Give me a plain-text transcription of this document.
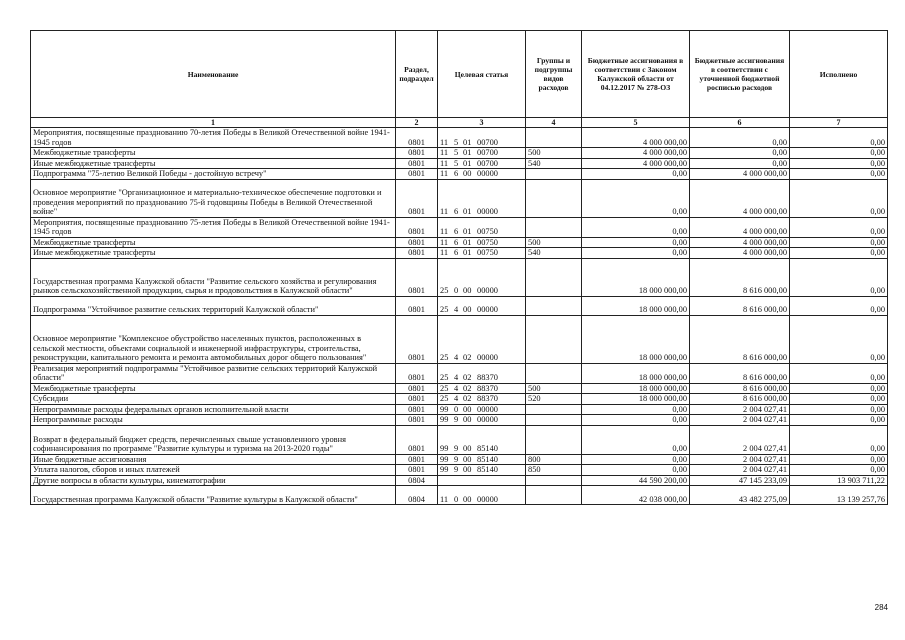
Наименование	Раздел, подраздел	Целевая статья	Группы и подгруппы видов расходов	Бюджетные ассигнования в соответствии с Законом Калужской области от 04.12.2017 № 278-ОЗ	Бюджетные ассигнования в соответствии с уточненной бюджетной росписью расходов	Исполнено
1	2	3	4	5	6	7
Мероприятия, посвященные празднованию 70-летия Победы в Великой Отечественной войне 1941-1945 годов	0801	11 5 01 00700		4 000 000,00	0,00	0,00
Межбюджетные трансферты	0801	11 5 01 00700	500	4 000 000,00	0,00	0,00
Иные межбюджетные трансферты	0801	11 5 01 00700	540	4 000 000,00	0,00	0,00
Подпрограмма "75-летию Великой Победы - достойную встречу"	0801	11 6 00 00000		0,00	4 000 000,00	0,00
Основное мероприятие "Организационное и материально-техническое обеспечение подготовки и проведения мероприятий по празднованию 75-й годовщины Победы в Великой Отечественной войне"	0801	11 6 01 00000		0,00	4 000 000,00	0,00
Мероприятия, посвященные празднованию 75-летия Победы в Великой Отечественной войне 1941-1945 годов	0801	11 6 01 00750		0,00	4 000 000,00	0,00
Межбюджетные трансферты	0801	11 6 01 00750	500	0,00	4 000 000,00	0,00
Иные межбюджетные трансферты	0801	11 6 01 00750	540	0,00	4 000 000,00	0,00
Государственная программа Калужской области "Развитие сельского хозяйства и регулирования рынков сельскохозяйственной продукции, сырья и продовольствия в Калужской области"	0801	25 0 00 00000		18 000 000,00	8 616 000,00	0,00
Подпрограмма "Устойчивое развитие сельских территорий Калужской области"	0801	25 4 00 00000		18 000 000,00	8 616 000,00	0,00
Основное мероприятие "Комплексное обустройство населенных пунктов, расположенных в сельской местности, объектами социальной и инженерной инфраструктуры, строительства, реконструкции, капитального ремонта и ремонта автомобильных дорог общего пользования"	0801	25 4 02 00000		18 000 000,00	8 616 000,00	0,00
Реализация мероприятий подпрограммы "Устойчивое развитие сельских территорий Калужской области"	0801	25 4 02 88370		18 000 000,00	8 616 000,00	0,00
Межбюджетные трансферты	0801	25 4 02 88370	500	18 000 000,00	8 616 000,00	0,00
Субсидии	0801	25 4 02 88370	520	18 000 000,00	8 616 000,00	0,00
Непрограммные расходы федеральных органов исполнительной власти	0801	99 0 00 00000		0,00	2 004 027,41	0,00
Непрограммные расходы	0801	99 9 00 00000		0,00	2 004 027,41	0,00
Возврат в федеральный бюджет средств, перечисленных свыше установленного уровня софинансирования по программе "Развитие культуры и туризма на 2013-2020 годы"	0801	99 9 00 85140		0,00	2 004 027,41	0,00
Иные бюджетные ассигнования	0801	99 9 00 85140	800	0,00	2 004 027,41	0,00
Уплата налогов, сборов и иных платежей	0801	99 9 00 85140	850	0,00	2 004 027,41	0,00
Другие вопросы в области культуры, кинематографии	0804			44 590 200,00	47 145 233,09	13 903 711,22
Государственная программа Калужской области "Развитие культуры в Калужской области"	0804	11 0 00 00000		42 038 000,00	43 482 275,09	13 139 257,76
284
